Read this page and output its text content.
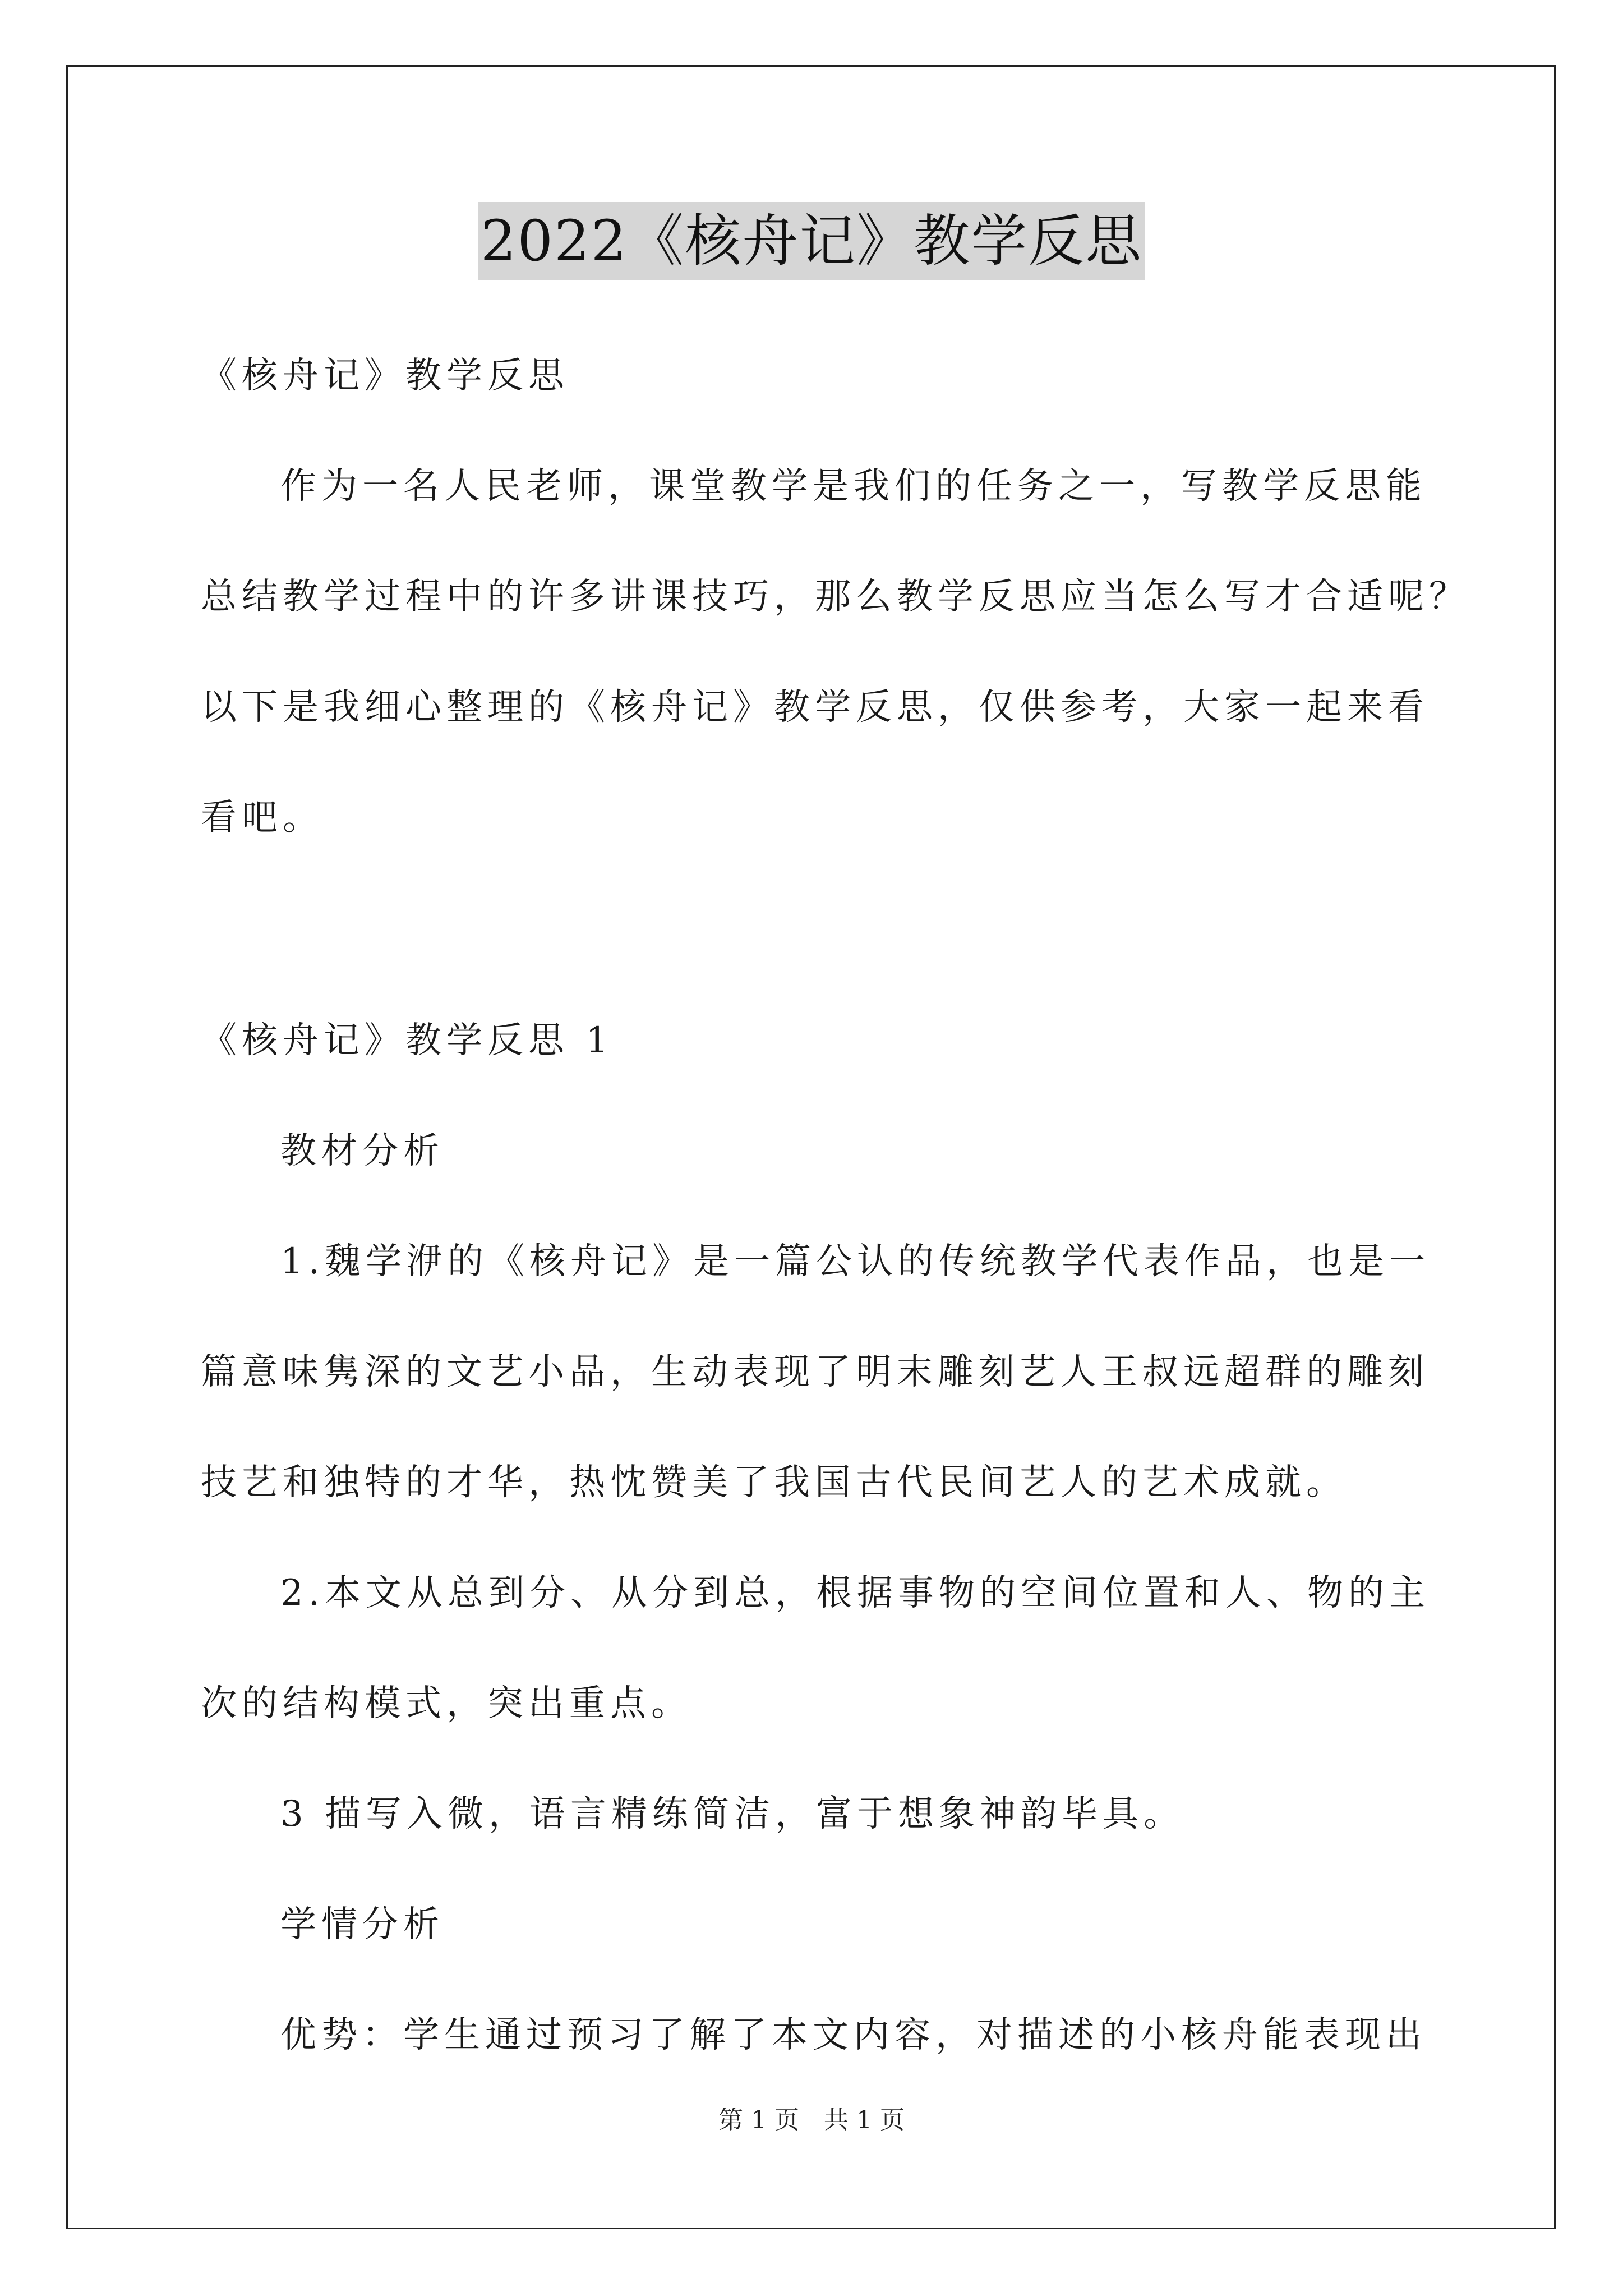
2022《核舟记》教学反思
《核舟记》教学反思
作为一名人民老师，课堂教学是我们的任务之一，写教学反思能
总结教学过程中的许多讲课技巧，那么教学反思应当怎么写才合适呢？
以下是我细心整理的《核舟记》教学反思，仅供参考，大家一起来看
看吧。
《核舟记》教学反思 1
教材分析
1.魏学洢的《核舟记》是一篇公认的传统教学代表作品，也是一
篇意味隽深的文艺小品，生动表现了明末雕刻艺人王叔远超群的雕刻
技艺和独特的才华，热忱赞美了我国古代民间艺人的艺术成就。
2.本文从总到分、从分到总，根据事物的空间位置和人、物的主
次的结构模式，突出重点。
3 描写入微，语言精练简洁，富于想象神韵毕具。
学情分析
优势：学生通过预习了解了本文内容，对描述的小核舟能表现出
第 1 页　共 1 页
